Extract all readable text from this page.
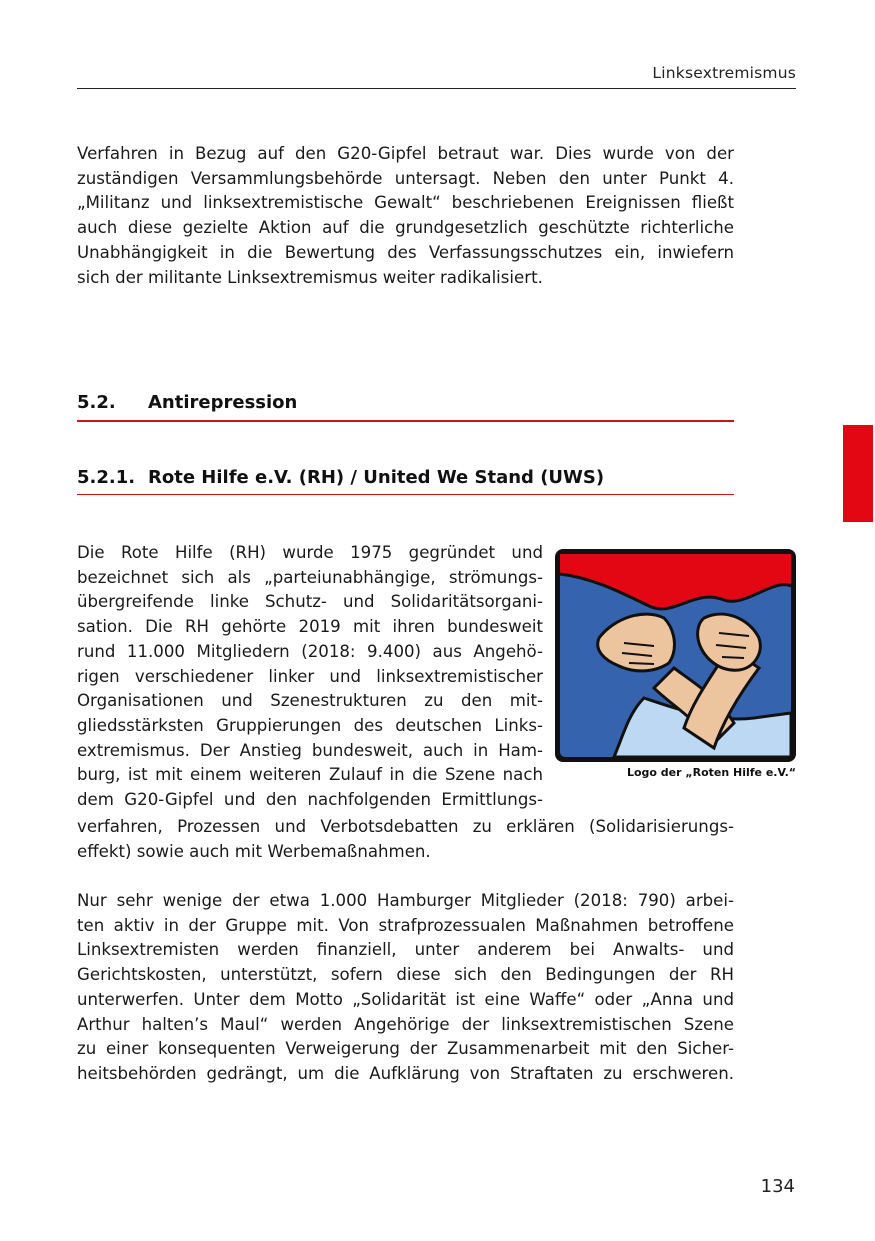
Linksextremismus
Verfahren in Bezug auf den G20-Gipfel betraut war. Dies wurde von der
zuständigen Versammlungsbehörde untersagt. Neben den unter Punkt 4.
„Militanz und linksextremistische Gewalt“ beschriebenen Ereignissen fließt
auch diese gezielte Aktion auf die grundgesetzlich geschützte richterliche
Unabhängigkeit in die Bewertung des Verfassungsschutzes ein, inwiefern
sich der militante Linksextremismus weiter radikalisiert.
5.2. Antirepression
5.2.1. Rote Hilfe e.V. (RH) / United We Stand (UWS)
Die Rote Hilfe (RH) wurde 1975 gegründet und
bezeichnet sich als „parteiunabhängige, strömungs-
übergreifende linke Schutz- und Solidaritätsorgani-
sation. Die RH gehörte 2019 mit ihren bundesweit
rund 11.000 Mitgliedern (2018: 9.400) aus Angehö-
rigen verschiedener linker und linksextremistischer
Organisationen und Szenestrukturen zu den mit-
gliedsstärksten Gruppierungen des deutschen Links-
extremismus. Der Anstieg bundesweit, auch in Ham-
burg, ist mit einem weiteren Zulauf in die Szene nach
dem G20-Gipfel und den nachfolgenden Ermittlungs-
verfahren, Prozessen und Verbotsdebatten zu erklären (Solidarisierungs-
effekt) sowie auch mit Werbemaßnahmen.
Logo der „Roten Hilfe e.V.“
Nur sehr wenige der etwa 1.000 Hamburger Mitglieder (2018: 790) arbei-
ten aktiv in der Gruppe mit. Von strafprozessualen Maßnahmen betroffene
Linksextremisten werden finanziell, unter anderem bei Anwalts- und
Gerichtskosten, unterstützt, sofern diese sich den Bedingungen der RH
unterwerfen. Unter dem Motto „Solidarität ist eine Waffe“ oder „Anna und
Arthur halten’s Maul“ werden Angehörige der linksextremistischen Szene
zu einer konsequenten Verweigerung der Zusammenarbeit mit den Sicher-
heitsbehörden gedrängt, um die Aufklärung von Straftaten zu erschweren.
134
